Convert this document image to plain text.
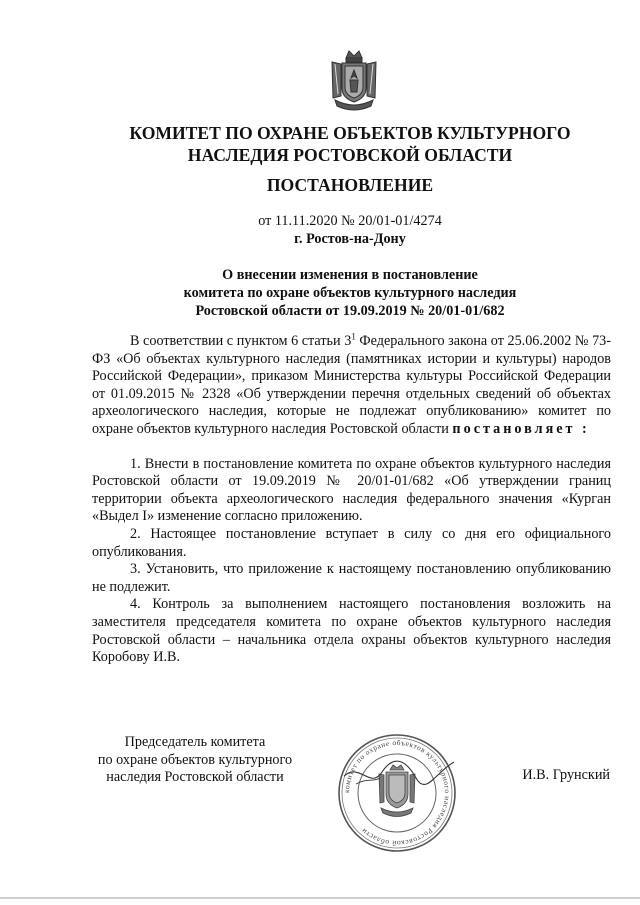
КОМИТЕТ ПО ОХРАНЕ ОБЪЕКТОВ КУЛЬТУРНОГО
НАСЛЕДИЯ РОСТОВСКОЙ ОБЛАСТИ
ПОСТАНОВЛЕНИЕ
от 11.11.2020 № 20/01-01/4274
г. Ростов-на-Дону
О внесении изменения в постановление
комитета по охране объектов культурного наследия
Ростовской области от 19.09.2019 № 20/01-01/682

В соответствии с пунктом 6 статьи $3^1$ Федерального закона от 25.06.2002 № 73-ФЗ «Об объектах культурного наследия (памятниках истории и культуры) народов Российской Федерации», приказом Министерства культуры Российской Федерации от 01.09.2015 № 2328 «Об утверждении перечня отдельных сведений об объектах археологического наследия, которые не подлежат опубликованию» комитет по охране объектов культурного наследия Ростовской области постановляет :

1. Внести в постановление комитета по охране объектов культурного наследия Ростовской области от 19.09.2019 № 20/01-01/682 «Об утверждении границ территории объекта археологического наследия федерального значения «Курган «Выдел I» изменение согласно приложению.

2. Настоящее постановление вступает в силу со дня его официального опубликования.

3. Установить, что приложение к настоящему постановлению опубликованию не подлежит.

4. Контроль за выполнением настоящего постановления возложить на заместителя председателя комитета по охране объектов культурного наследия Ростовской области – начальника отдела охраны объектов культурного наследия Коробову И.В.

Председатель комитета
по охране объектов культурного
наследия Ростовской области
комитет по охране объектов культурного наследия Ростовской области
И.В. Грунский
